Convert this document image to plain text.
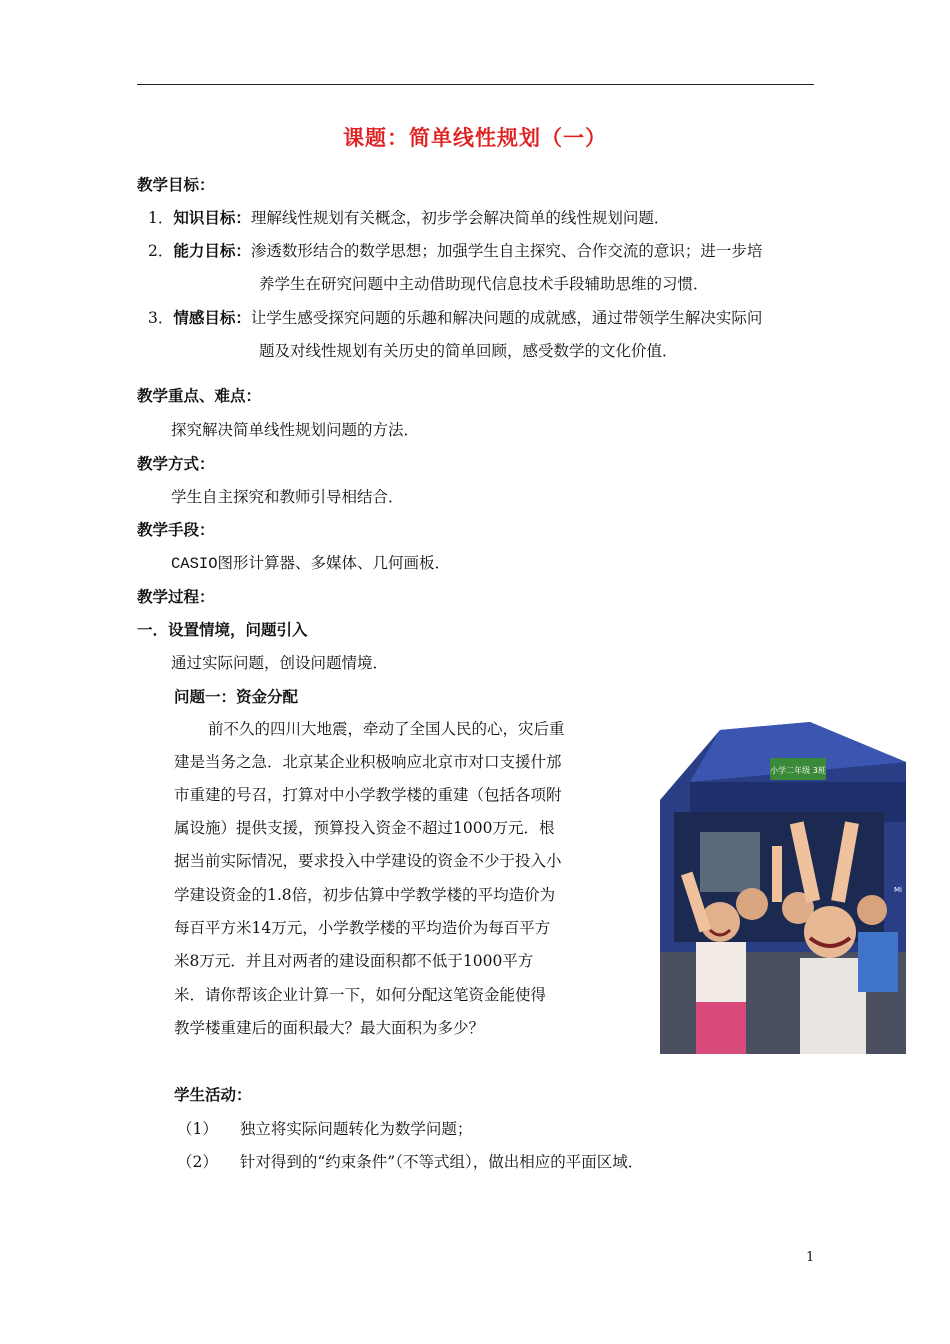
课题：简单线性规划（一）
教学目标：
1．知识目标：理解线性规划有关概念，初步学会解决简单的线性规划问题．
2．能力目标：渗透数形结合的数学思想；加强学生自主探究、合作交流的意识；进一步培
养学生在研究问题中主动借助现代信息技术手段辅助思维的习惯．
3．情感目标：让学生感受探究问题的乐趣和解决问题的成就感，通过带领学生解决实际问
题及对线性规划有关历史的简单回顾，感受数学的文化价值．
教学重点、难点：
探究解决简单线性规划问题的方法．
教学方式：
学生自主探究和教师引导相结合．
教学手段：
CASIO图形计算器、多媒体、几何画板．
教学过程：
一．设置情境，问题引入
通过实际问题，创设问题情境．
问题一：资金分配
前不久的四川大地震，牵动了全国人民的心，灾后重
建是当务之急．北京某企业积极响应北京市对口支援什邡
市重建的号召，打算对中小学教学楼的重建（包括各项附
属设施）提供支援，预算投入资金不超过1000万元．根
据当前实际情况，要求投入中学建设的资金不少于投入小
学建设资金的1.8倍，初步估算中学教学楼的平均造价为
每百平方米14万元，小学教学楼的平均造价为每百平方
米8万元．并且对两者的建设面积都不低于1000平方
米．请你帮该企业计算一下，如何分配这笔资金能使得
教学楼重建后的面积最大？最大面积为多少？
小学二年级 3班
Mi
学生活动：
（1） 独立将实际问题转化为数学问题；
（2） 针对得到的“约束条件”（不等式组），做出相应的平面区域．
1
